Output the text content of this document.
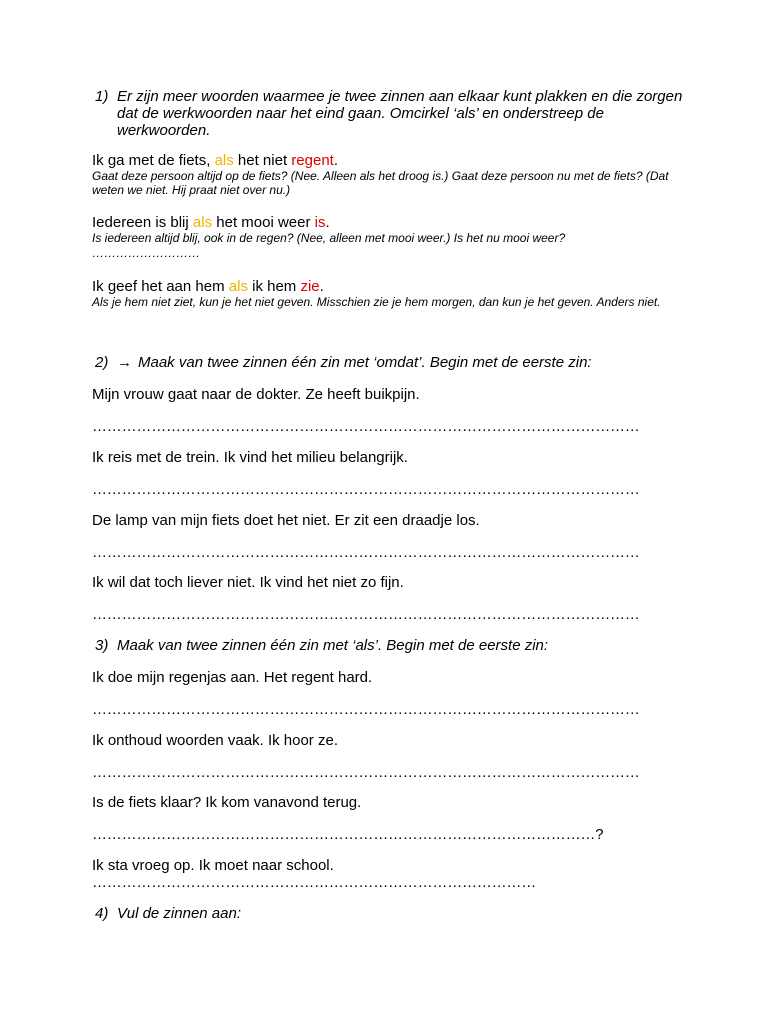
1) Er zijn meer woorden waarmee je twee zinnen aan elkaar kunt plakken en die zorgen dat de werkwoorden naar het eind gaan. Omcirkel ‘als’ en onderstreep de werkwoorden.
Ik ga met de fiets, als het niet regent.
Gaat deze persoon altijd op de fiets? (Nee. Alleen als het droog is.) Gaat deze persoon nu met de fiets? (Dat weten we niet. Hij praat niet over nu.)
Iedereen is blij als het mooi weer is.
Is iedereen altijd blij, ook in de regen? (Nee, alleen met mooi weer.) Is het nu mooi weer?
………………………
Ik geef het aan hem als ik hem zie.
Als je hem niet ziet, kun je het niet geven. Misschien zie je hem morgen, dan kun je het geven. Anders niet.
2) → Maak van twee zinnen één zin met ‘omdat’. Begin met de eerste zin:
Mijn vrouw gaat naar de dokter. Ze heeft buikpijn.
…………………………………………………………………………………………………
Ik reis met de trein. Ik vind het milieu belangrijk.
…………………………………………………………………………………………………
De lamp van mijn fiets doet het niet. Er zit een draadje los.
…………………………………………………………………………………………………
Ik wil dat toch liever niet. Ik vind het niet zo fijn.
…………………………………………………………………………………………………
3) Maak van twee zinnen één zin met ‘als’. Begin met de eerste zin:
Ik doe mijn regenjas aan. Het regent hard.
…………………………………………………………………………………………………
Ik onthoud woorden vaak. Ik hoor ze.
…………………………………………………………………………………………………
Is de fiets klaar? Ik kom vanavond terug.
…………………………………………………………………………………………?
Ik sta vroeg op. Ik moet naar school.
………………………………………………………………………………
4) Vul de zinnen aan:
